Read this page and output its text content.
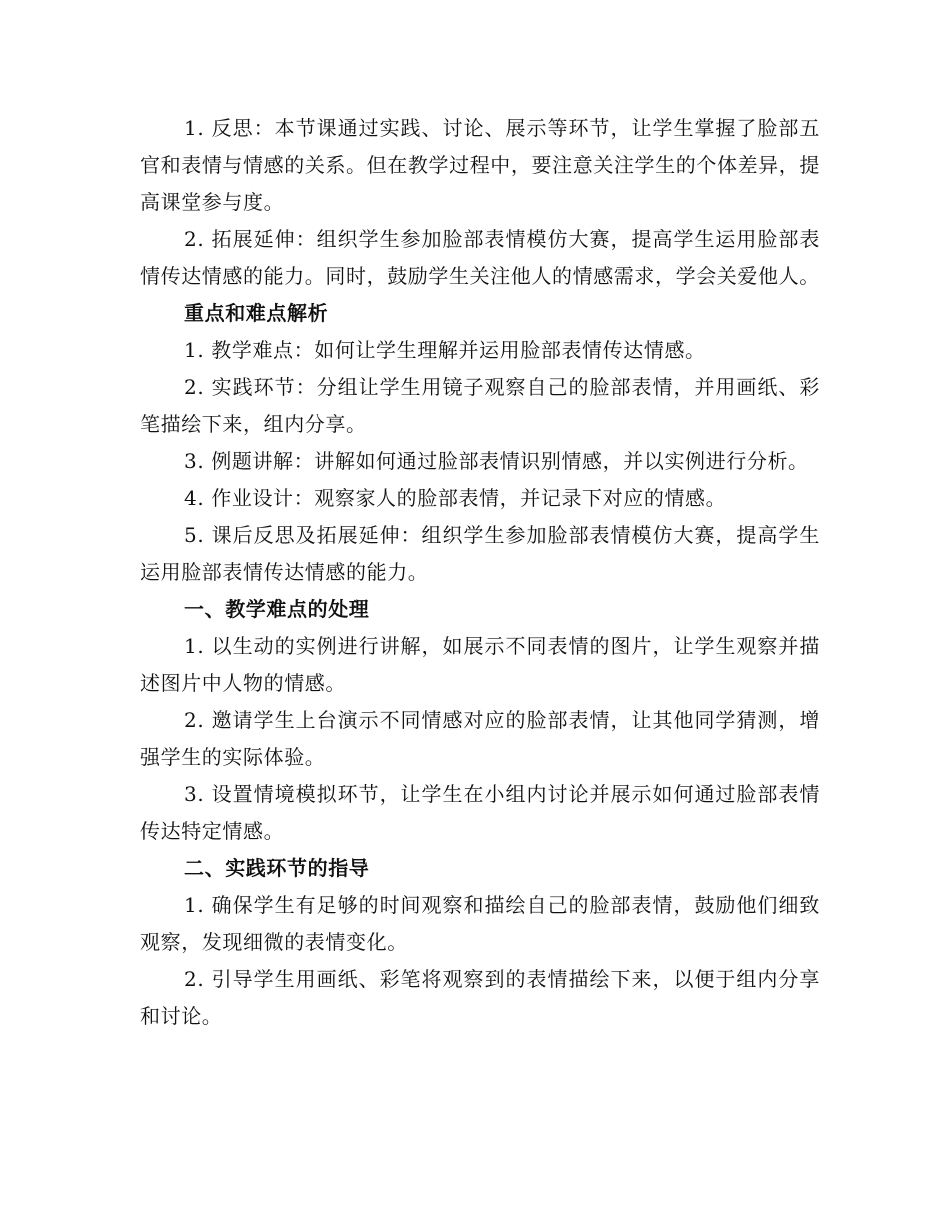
1. 反思：本节课通过实践、讨论、展示等环节，让学生掌握了脸部五官和表情与情感的关系。但在教学过程中，要注意关注学生的个体差异，提高课堂参与度。

2. 拓展延伸：组织学生参加脸部表情模仿大赛，提高学生运用脸部表情传达情感的能力。同时，鼓励学生关注他人的情感需求，学会关爱他人。

重点和难点解析

1. 教学难点：如何让学生理解并运用脸部表情传达情感。

2. 实践环节：分组让学生用镜子观察自己的脸部表情，并用画纸、彩笔描绘下来，组内分享。

3. 例题讲解：讲解如何通过脸部表情识别情感，并以实例进行分析。

4. 作业设计：观察家人的脸部表情，并记录下对应的情感。

5. 课后反思及拓展延伸：组织学生参加脸部表情模仿大赛，提高学生运用脸部表情传达情感的能力。

一、教学难点的处理

1. 以生动的实例进行讲解，如展示不同表情的图片，让学生观察并描述图片中人物的情感。

2. 邀请学生上台演示不同情感对应的脸部表情，让其他同学猜测，增强学生的实际体验。

3. 设置情境模拟环节，让学生在小组内讨论并展示如何通过脸部表情传达特定情感。

二、实践环节的指导

1. 确保学生有足够的时间观察和描绘自己的脸部表情，鼓励他们细致观察，发现细微的表情变化。

2. 引导学生用画纸、彩笔将观察到的表情描绘下来，以便于组内分享和讨论。
